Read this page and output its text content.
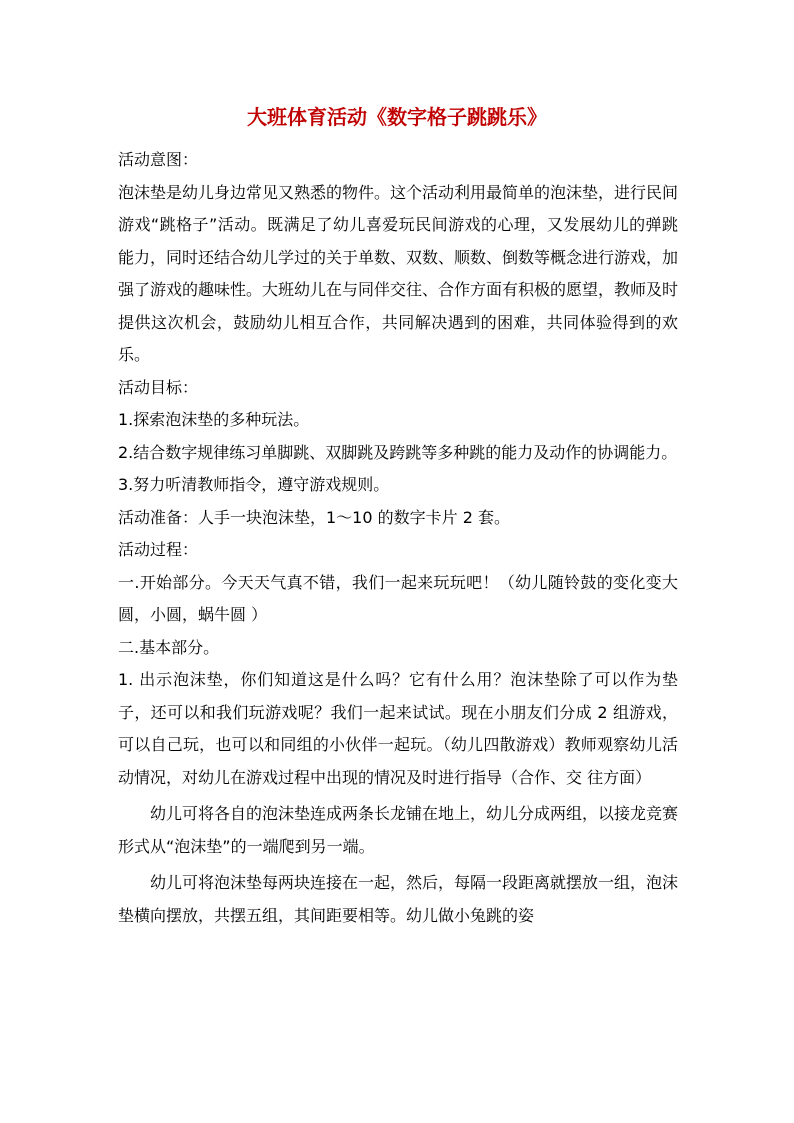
大班体育活动《数字格子跳跳乐》

活动意图：

泡沫垫是幼儿身边常见又熟悉的物件。这个活动利用最简单的泡沫垫，进行民间游戏“跳格子”活动。既满足了幼儿喜爱玩民间游戏的心理，又发展幼儿的弹跳能力，同时还结合幼儿学过的关于单数、双数、顺数、倒数等概念进行游戏，加强了游戏的趣味性。大班幼儿在与同伴交往、合作方面有积极的愿望，教师及时提供这次机会，鼓励幼儿相互合作，共同解决遇到的困难，共同体验得到的欢乐。

活动目标：

1.探索泡沫垫的多种玩法。

2.结合数字规律练习单脚跳、双脚跳及跨跳等多种跳的能力及动作的协调能力。

3.努力听清教师指令，遵守游戏规则。

活动准备：人手一块泡沫垫，1～10 的数字卡片 2 套。

活动过程：

一.开始部分。今天天气真不错，我们一起来玩玩吧！（幼儿随铃鼓的变化变大圆，小圆，蜗牛圆 ）

二.基本部分。

1. 出示泡沫垫，你们知道这是什么吗？它有什么用？泡沫垫除了可以作为垫子，还可以和我们玩游戏呢？我们一起来试试。现在小朋友们分成 2 组游戏，可以自己玩，也可以和同组的小伙伴一起玩。（幼儿四散游戏）教师观察幼儿活动情况，对幼儿在游戏过程中出现的情况及时进行指导（合作、交 往方面）

幼儿可将各自的泡沫垫连成两条长龙铺在地上，幼儿分成两组，以接龙竞赛形式从“泡沫垫”的一端爬到另一端。

幼儿可将泡沫垫每两块连接在一起，然后，每隔一段距离就摆放一组，泡沫垫横向摆放，共摆五组，其间距要相等。幼儿做小兔跳的姿
